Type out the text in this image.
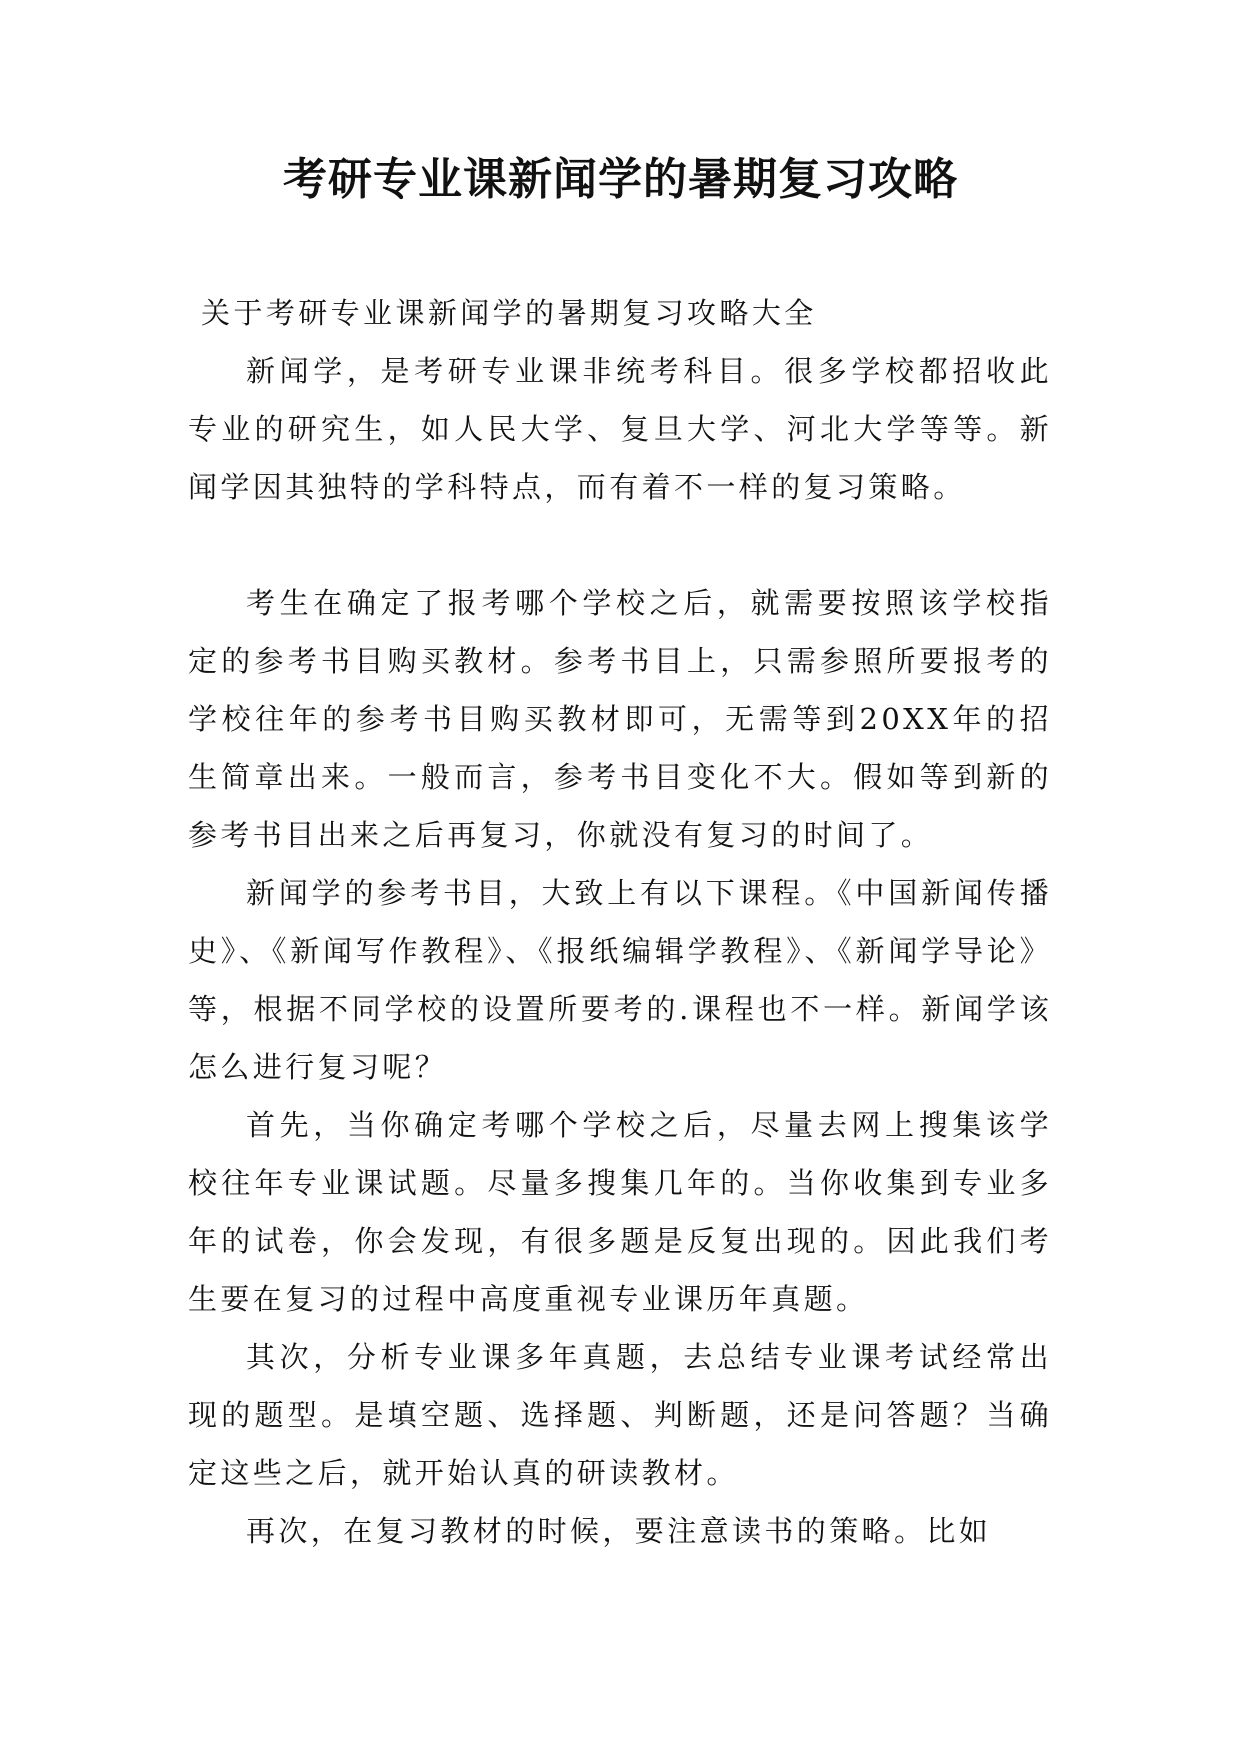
考研专业课新闻学的暑期复习攻略

关于考研专业课新闻学的暑期复习攻略大全

新闻学，是考研专业课非统考科目。很多学校都招收此专业的研究生，如人民大学、复旦大学、河北大学等等。新闻学因其独特的学科特点，而有着不一样的复习策略。

考生在确定了报考哪个学校之后，就需要按照该学校指定的参考书目购买教材。参考书目上，只需参照所要报考的学校往年的参考书目购买教材即可，无需等到20XX年的招生简章出来。一般而言，参考书目变化不大。假如等到新的参考书目出来之后再复习，你就没有复习的时间了。

新闻学的参考书目，大致上有以下课程。《中国新闻传播史》、《新闻写作教程》、《报纸编辑学教程》、《新闻学导论》等，根据不同学校的设置所要考的.课程也不一样。新闻学该怎么进行复习呢？

首先，当你确定考哪个学校之后，尽量去网上搜集该学校往年专业课试题。尽量多搜集几年的。当你收集到专业多年的试卷，你会发现，有很多题是反复出现的。因此我们考生要在复习的过程中高度重视专业课历年真题。

其次，分析专业课多年真题，去总结专业课考试经常出现的题型。是填空题、选择题、判断题，还是问答题？当确定这些之后，就开始认真的研读教材。

再次，在复习教材的时候，要注意读书的策略。比如
